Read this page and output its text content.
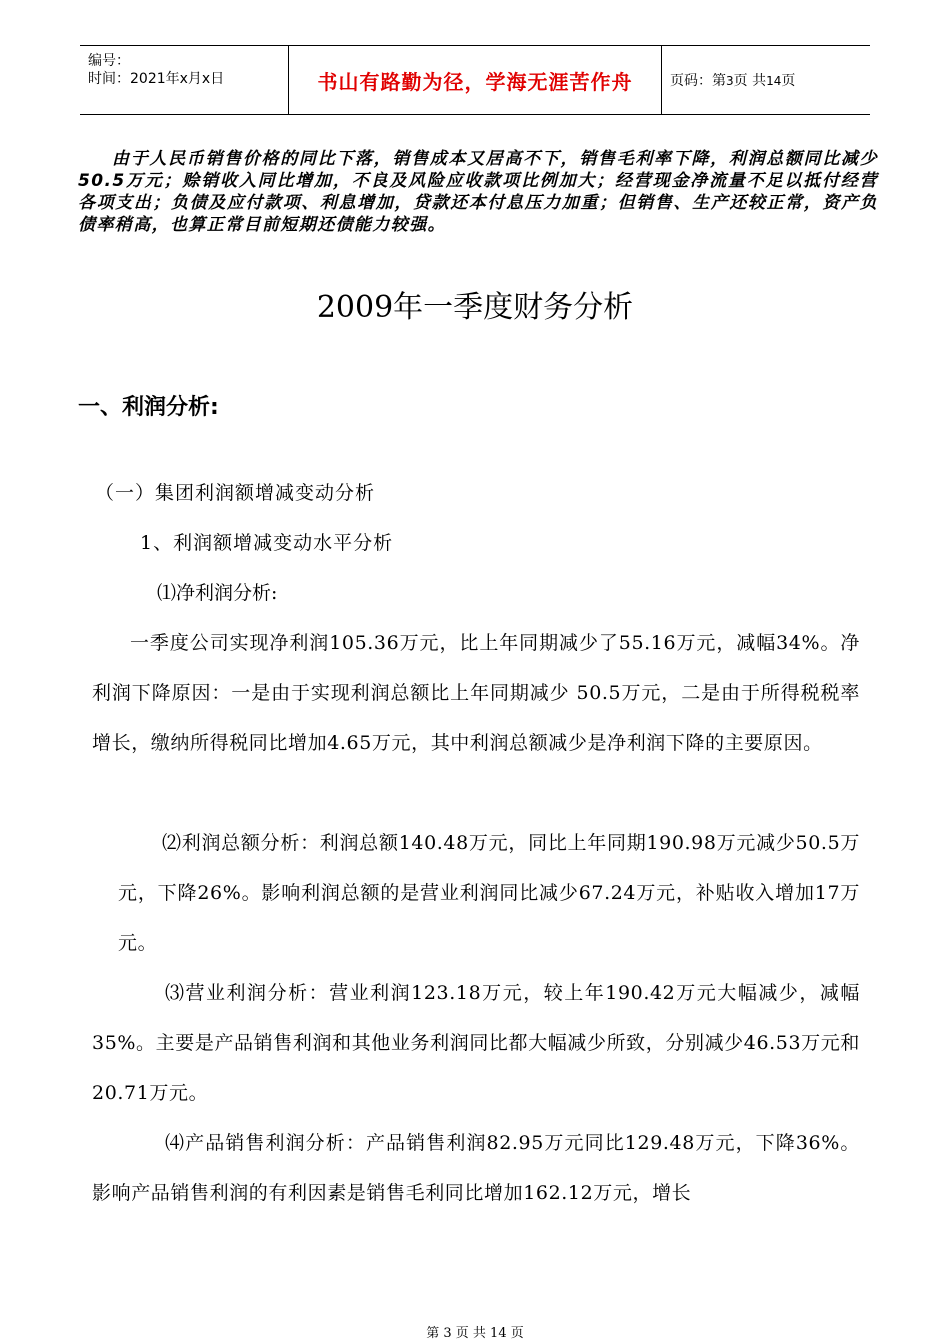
编号：
时间：2021年x月x日	书山有路勤为径，学海无涯苦作舟	页码：第3页 共14页

由于人民币销售价格的同比下落，销售成本又居高不下，销售毛利率下降，利润总额同比减少50.5万元；赊销收入同比增加，不良及风险应收款项比例加大；经营现金净流量不足以抵付经营各项支出；负债及应付款项、利息增加，贷款还本付息压力加重；但销售、生产还较正常，资产负债率稍高，也算正常目前短期还债能力较强。

2009年一季度财务分析
一、利润分析:

（一）集团利润额增减变动分析

1、利润额增减变动水平分析

⑴净利润分析:

一季度公司实现净利润105.36万元，比上年同期减少了55.16万元，减幅34%。净利润下降原因：一是由于实现利润总额比上年同期减少 50.5万元，二是由于所得税税率增长，缴纳所得税同比增加4.65万元，其中利润总额减少是净利润下降的主要原因。

⑵利润总额分析：利润总额140.48万元，同比上年同期190.98万元减少50.5万元，下降26%。影响利润总额的是营业利润同比减少67.24万元，补贴收入增加17万元。

⑶营业利润分析：营业利润123.18万元，较上年190.42万元大幅减少，减幅35%。主要是产品销售利润和其他业务利润同比都大幅减少所致，分别减少46.53万元和20.71万元。

⑷产品销售利润分析：产品销售利润82.95万元同比129.48万元，下降36%。影响产品销售利润的有利因素是销售毛利同比增加162.12万元，增长

第 3 页 共 14 页
